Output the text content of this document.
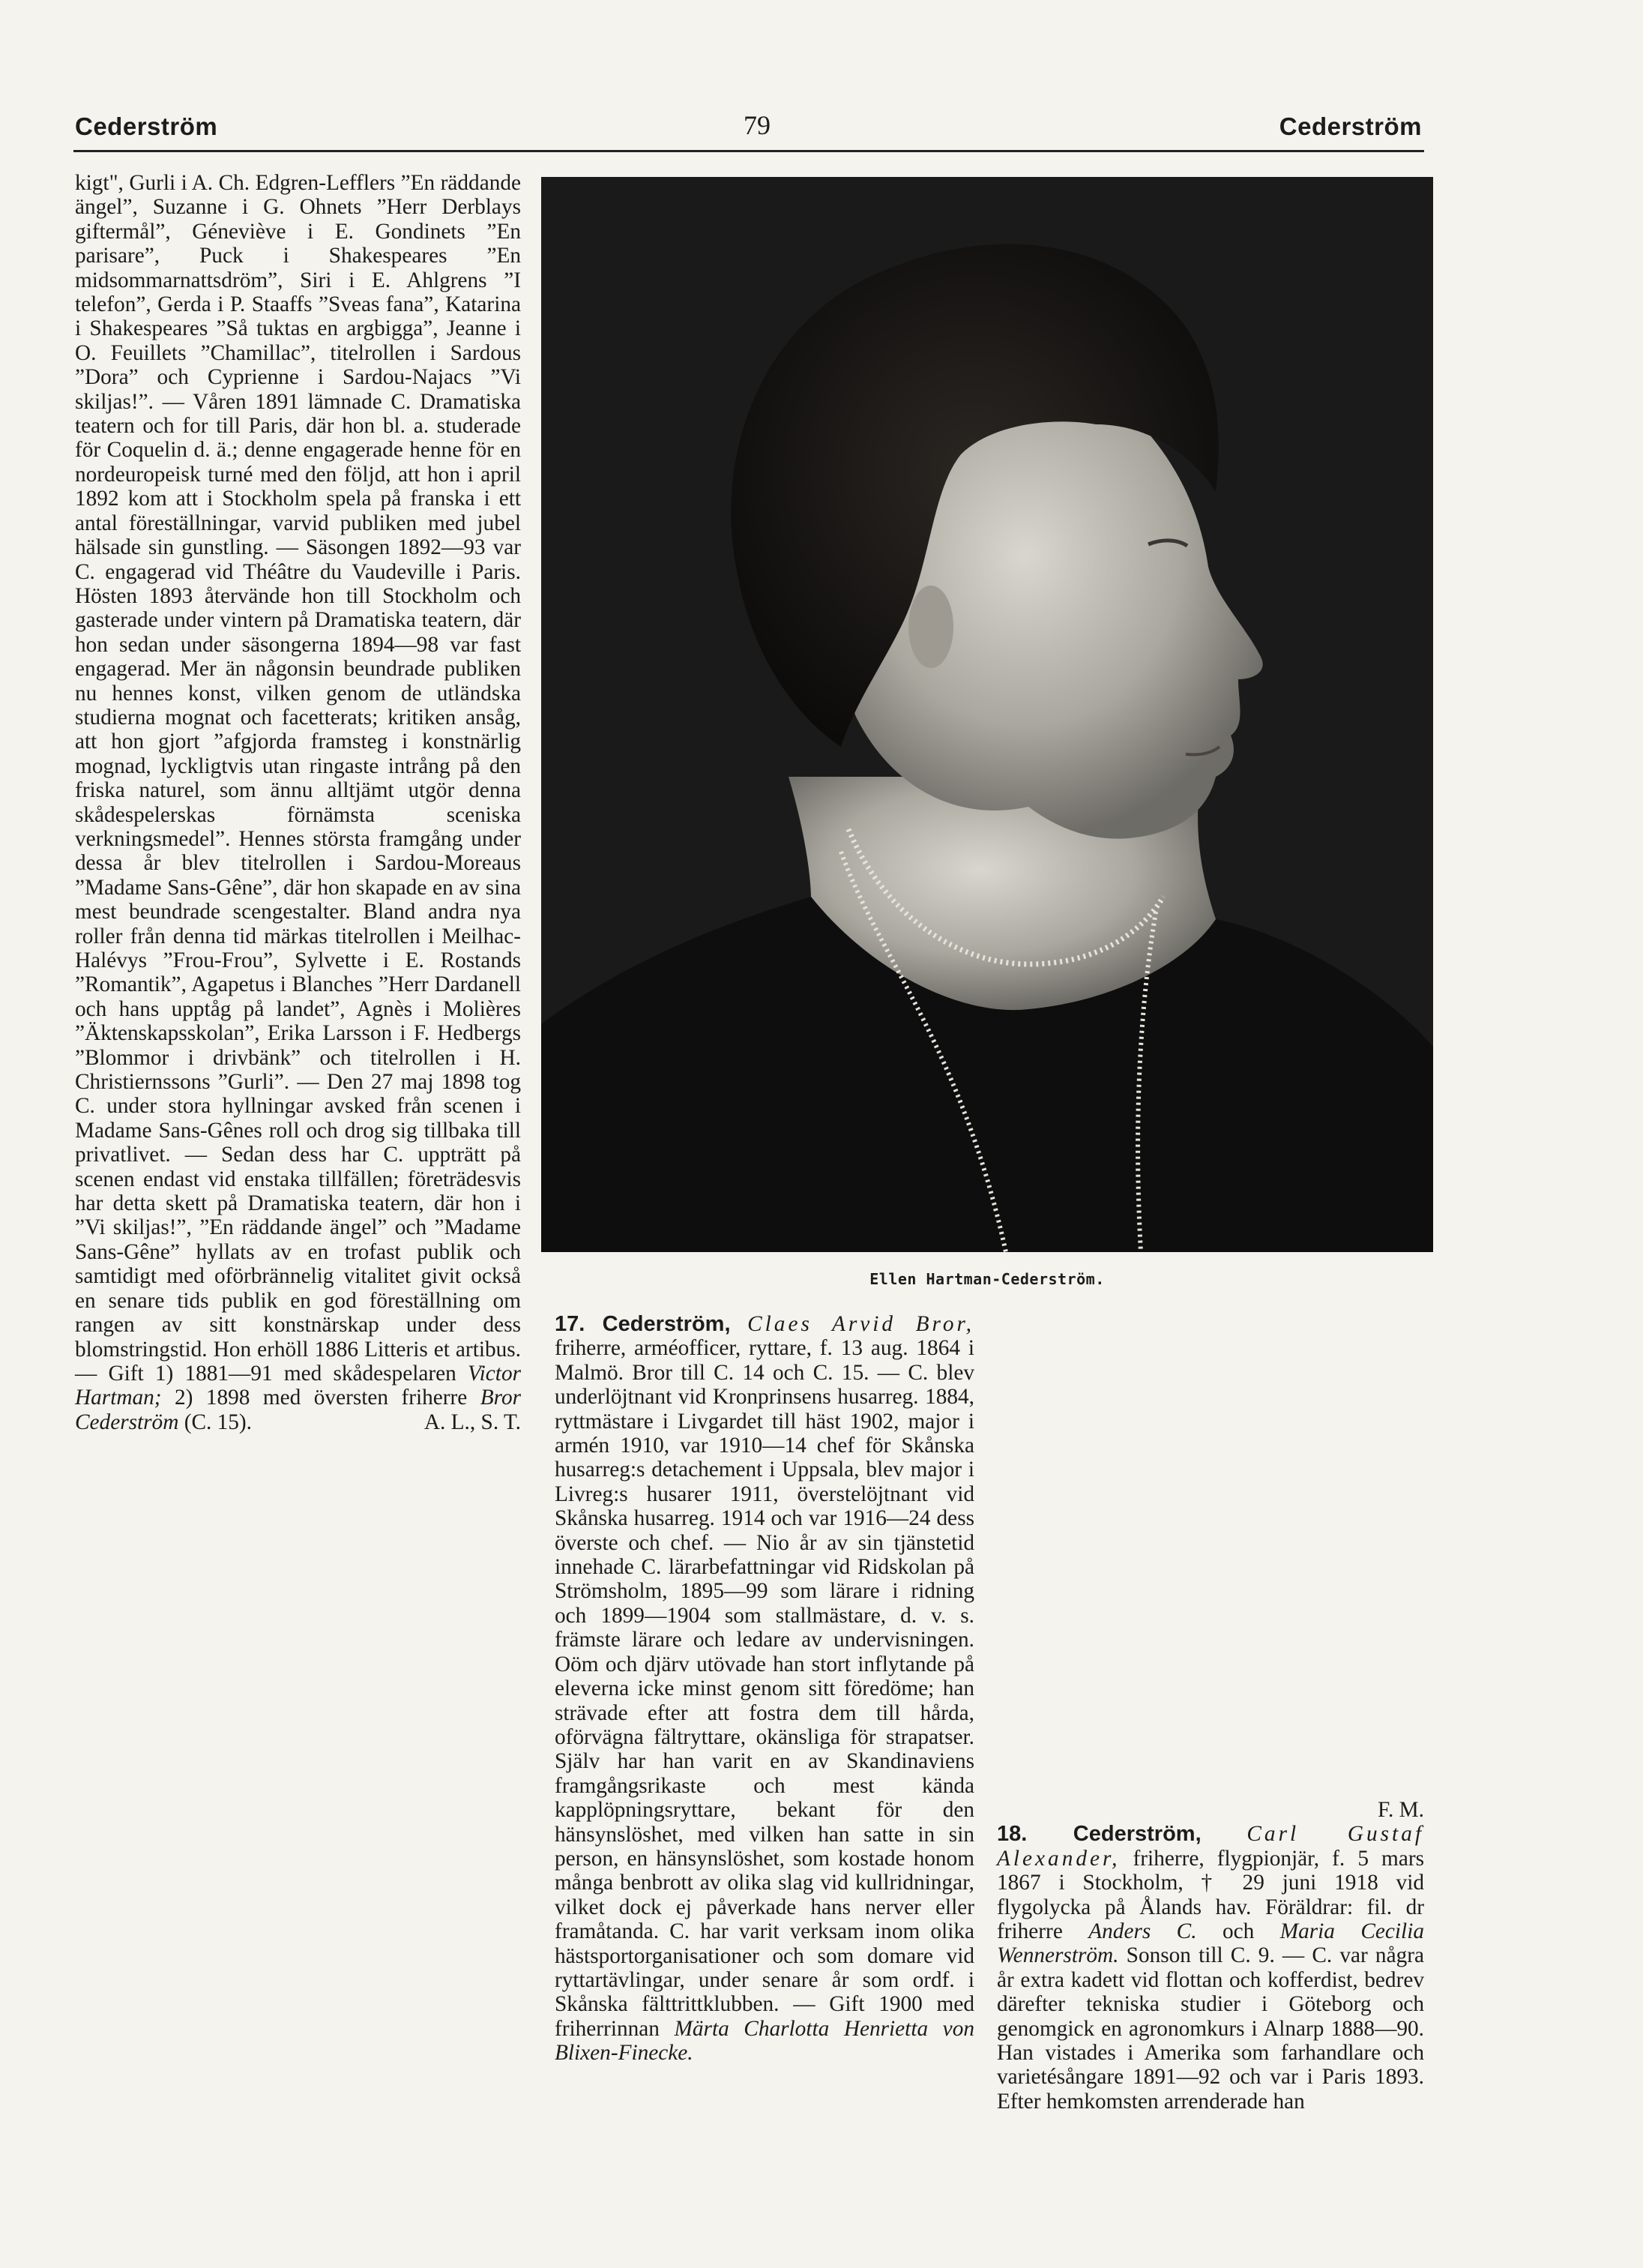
Cederström	79	Cederström

kigt", Gurli i A. Ch. Edgren-Lefflers ”En räddande ängel”, Suzanne i G. Ohnets ”Herr Derblays giftermål”, Géneviève i E. Gondinets ”En parisare”, Puck i Shakespeares ”En midsommarnattsdröm”, Siri i E. Ahlgrens ”I telefon”, Gerda i P. Staaffs ”Sveas fana”, Katarina i Shakespeares ”Så tuktas en argbigga”, Jeanne i O. Feuillets ”Chamillac”, titelrollen i Sardous ”Dora” och Cyprienne i Sardou-Najacs ”Vi skiljas!”. — Våren 1891 lämnade C. Dramatiska teatern och for till Paris, där hon bl. a. studerade för Coquelin d. ä.; denne engagerade henne för en nordeuropeisk turné med den följd, att hon i april 1892 kom att i Stockholm spela på franska i ett antal föreställningar, varvid publiken med jubel hälsade sin gunstling. — Säsongen 1892—93 var C. engagerad vid Théâtre du Vaudeville i Paris. Hösten 1893 återvände hon till Stockholm och gasterade under vintern på Dramatiska teatern, där hon sedan under säsongerna 1894—98 var fast engagerad. Mer än någonsin beundrade publiken nu hennes konst, vilken genom de utländska studierna mognat och facetterats; kritiken ansåg, att hon gjort ”afgjorda framsteg i konstnärlig mognad, lyckligtvis utan ringaste intrång på den friska naturel, som ännu alltjämt utgör denna skådespelerskas förnämsta sceniska verkningsmedel”. Hennes största framgång under dessa år blev titelrollen i Sardou-Moreaus ”Madame Sans-Gêne”, där hon skapade en av sina mest beundrade scengestalter. Bland andra nya roller från denna tid märkas titelrollen i Meilhac-Halévys ”Frou-Frou”, Sylvette i E. Rostands ”Romantik”, Agapetus i Blanches ”Herr Dardanell och hans upptåg på landet”, Agnès i Molières ”Äktenskapsskolan”, Erika Larsson i F. Hedbergs ”Blommor i drivbänk” och titelrollen i H. Christiernssons ”Gurli”. — Den 27 maj 1898 tog C. under stora hyllningar avsked från scenen i Madame Sans-Gênes roll och drog sig tillbaka till privatlivet. — Sedan dess har C. uppträtt på scenen endast vid enstaka tillfällen; företrädesvis har detta skett på Dramatiska teatern, där hon i ”Vi skiljas!”, ”En räddande ängel” och ”Madame Sans-Gêne” hyllats av en trofast publik och samtidigt med oförbrännelig vitalitet givit också en senare tids publik en god föreställning om rangen av sitt konstnärskap under dess blomstringstid. Hon erhöll 1886 Litteris et artibus. — Gift 1) 1881—91 med skådespelaren Victor Hartman; 2) 1898 med översten friherre Bror Cederström (C. 15).	A. L., S. T.

Ellen Hartman-Cederström.

17. Cederström, Claes Arvid Bror, friherre, arméofficer, ryttare, f. 13 aug. 1864 i Malmö. Bror till C. 14 och C. 15. — C. blev underlöjtnant vid Kronprinsens husarreg. 1884, ryttmästare i Livgardet till häst 1902, major i armén 1910, var 1910—14 chef för Skånska husarreg:s detachement i Uppsala, blev major i Livreg:s husarer 1911, överstelöjtnant vid Skånska husarreg. 1914 och var 1916—24 dess överste och chef. — Nio år av sin tjänstetid innehade C. lärarbefattningar vid Ridskolan på Strömsholm, 1895—99 som lärare i ridning och 1899—1904 som stallmästare, d. v. s. främste lärare och ledare av undervisningen. Oöm och djärv utövade han stort inflytande på eleverna icke minst genom sitt föredöme; han strävade efter att fostra dem till hårda, oförvägna fältryttare, okänsliga för strapatser. Själv har han varit en av Skandinaviens framgångsrikaste och mest kända kapplöpningsryttare, bekant för den hänsynslöshet, med vilken han satte in sin person, en hänsynslöshet, som kostade honom många benbrott av olika slag vid kullridningar, vilket dock ej påverkade hans nerver eller framåtanda. C. har varit verksam inom olika hästsportorganisationer och som domare vid ryttartävlingar, under senare år som ordf. i Skånska fälttrittklubben. — Gift 1900 med friherrinnan Märta Charlotta Henrietta von Blixen-Finecke.

F. M.

18. Cederström, Carl Gustaf Alexander, friherre, flygpionjär, f. 5 mars 1867 i Stockholm, † 29 juni 1918 vid flygolycka på Ålands hav. Föräldrar: fil. dr friherre Anders C. och Maria Cecilia Wennerström. Sonson till C. 9. — C. var några år extra kadett vid flottan och kofferdist, bedrev därefter tekniska studier i Göteborg och genomgick en agronomkurs i Alnarp 1888—90. Han vistades i Amerika som farhandlare och varietésångare 1891—92 och var i Paris 1893. Efter hemkomsten arrenderade han
